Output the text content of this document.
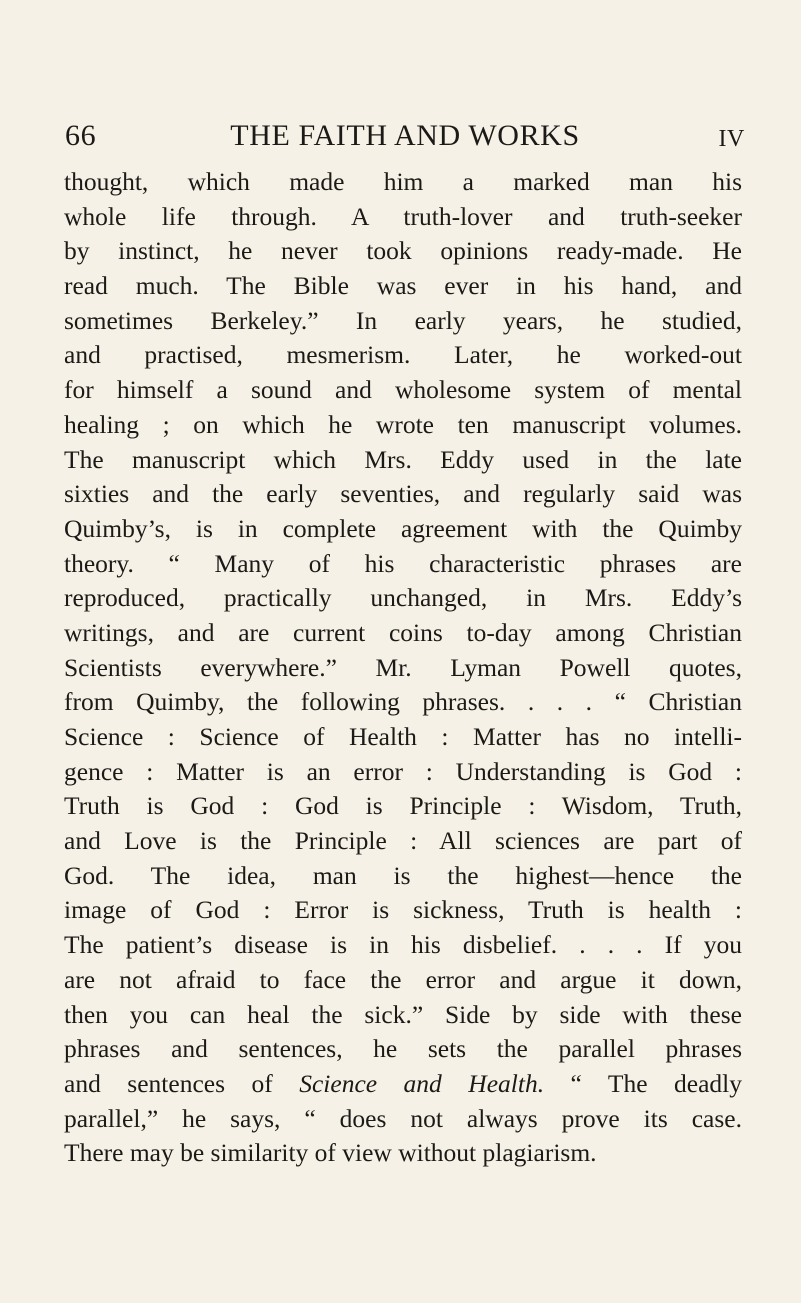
66	THE FAITH AND WORKS	IV
thought, which made him a marked man his
whole life through. A truth-lover and truth-seeker
by instinct, he never took opinions ready-made. He
read much. The Bible was ever in his hand, and
sometimes Berkeley.” In early years, he studied,
and practised, mesmerism. Later, he worked-out
for himself a sound and wholesome system of mental
healing ; on which he wrote ten manuscript volumes.
The manuscript which Mrs. Eddy used in the late
sixties and the early seventies, and regularly said was
Quimby’s, is in complete agreement with the Quimby
theory. “ Many of his characteristic phrases are
reproduced, practically unchanged, in Mrs. Eddy’s
writings, and are current coins to-day among Christian
Scientists everywhere.” Mr. Lyman Powell quotes,
from Quimby, the following phrases. . . . “ Christian
Science : Science of Health : Matter has no intelli-
gence : Matter is an error : Understanding is God :
Truth is God : God is Principle : Wisdom, Truth,
and Love is the Principle : All sciences are part of
God. The idea, man is the highest—hence the
image of God : Error is sickness, Truth is health :
The patient’s disease is in his disbelief. . . . If you
are not afraid to face the error and argue it down,
then you can heal the sick.” Side by side with these
phrases and sentences, he sets the parallel phrases
and sentences of Science and Health. “ The deadly
parallel,” he says, “ does not always prove its case.
There may be similarity of view without plagiarism.
